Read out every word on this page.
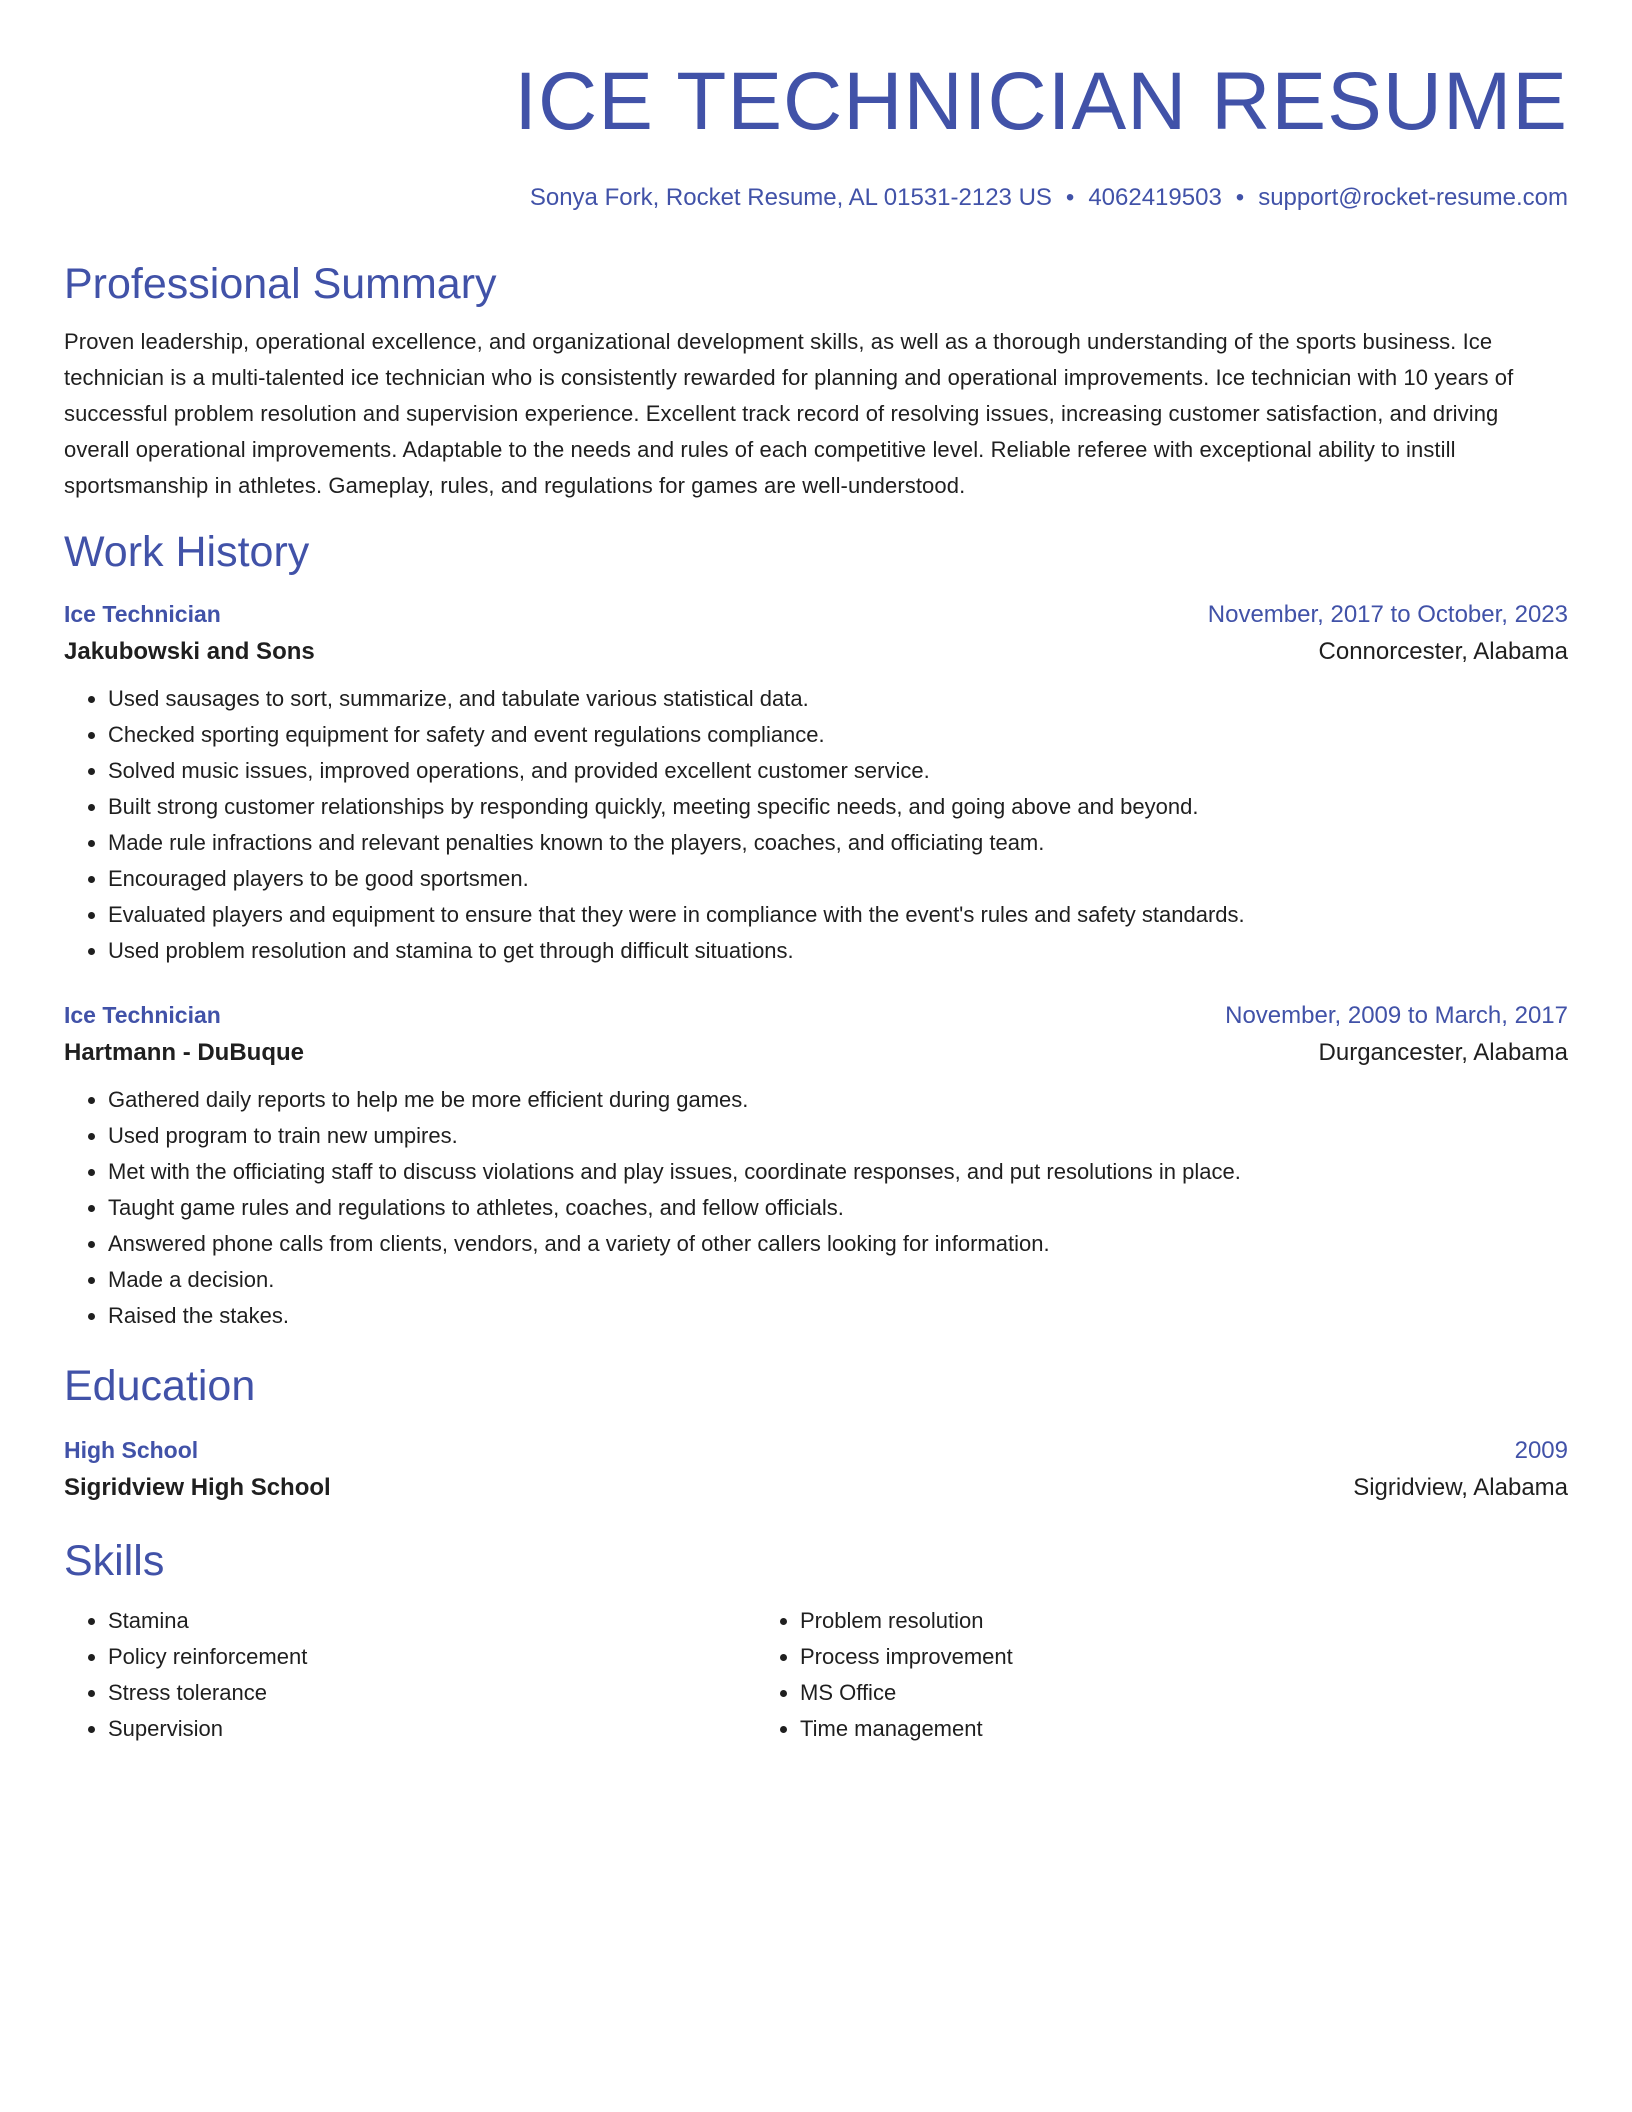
ICE TECHNICIAN RESUME
Sonya Fork, Rocket Resume, AL 01531-2123 US • 4062419503 • support@rocket-resume.com
Professional Summary

Proven leadership, operational excellence, and organizational development skills, as well as a thorough understanding of the sports business. Ice technician is a multi-talented ice technician who is consistently rewarded for planning and operational improvements. Ice technician with 10 years of successful problem resolution and supervision experience. Excellent track record of resolving issues, increasing customer satisfaction, and driving overall operational improvements. Adaptable to the needs and rules of each competitive level. Reliable referee with exceptional ability to instill sportsmanship in athletes. Gameplay, rules, and regulations for games are well-understood.

Work History
Ice Technician	November, 2017 to October, 2023
Jakubowski and Sons	Connorcester, Alabama
• Used sausages to sort, summarize, and tabulate various statistical data.
• Checked sporting equipment for safety and event regulations compliance.
• Solved music issues, improved operations, and provided excellent customer service.
• Built strong customer relationships by responding quickly, meeting specific needs, and going above and beyond.
• Made rule infractions and relevant penalties known to the players, coaches, and officiating team.
• Encouraged players to be good sportsmen.
• Evaluated players and equipment to ensure that they were in compliance with the event's rules and safety standards.
• Used problem resolution and stamina to get through difficult situations.
Ice Technician	November, 2009 to March, 2017
Hartmann - DuBuque	Durgancester, Alabama
• Gathered daily reports to help me be more efficient during games.
• Used program to train new umpires.
• Met with the officiating staff to discuss violations and play issues, coordinate responses, and put resolutions in place.
• Taught game rules and regulations to athletes, coaches, and fellow officials.
• Answered phone calls from clients, vendors, and a variety of other callers looking for information.
• Made a decision.
• Raised the stakes.
Education
High School	2009
Sigridview High School	Sigridview, Alabama
Skills
• Stamina
• Policy reinforcement
• Stress tolerance
• Supervision
• Problem resolution
• Process improvement
• MS Office
• Time management
